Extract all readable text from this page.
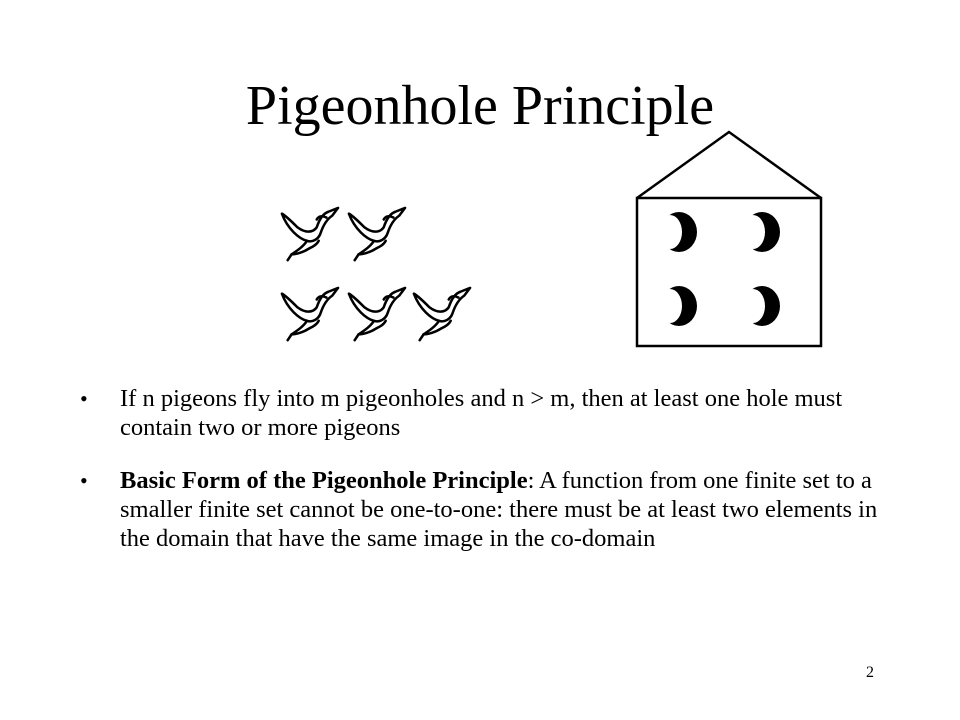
Pigeonhole Principle
• If n pigeons fly into m pigeonholes and n > m, then at least one hole must contain two or more pigeons
• Basic Form of the Pigeonhole Principle: A function from one finite set to a smaller finite set cannot be one-to-one: there must be at least two elements in the domain that have the same image in the co-domain
2
